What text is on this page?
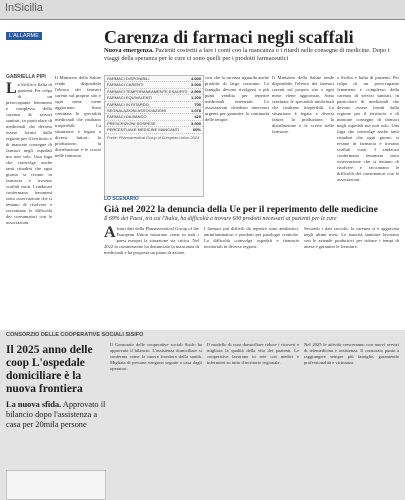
InSicilia
L'ALLARME	Carenza di farmaci negli scaffali
Nuova emergenza. Pazienti costretti a fare i conti con la mancanza o i ritardi nelle consegne di medicine. Dopo i viaggi della speranza per le cure ci sono quelli per i prodotti farmaceutici
GABRIELLA PIPI
La Sicilia e Italia di pazienti. Per colpa di un preoccupante fenomeno e complesso della carenza di servizi sanitari, in particolare di medicinali che devono essere forniti dalla regione per il territorio e di mancate consegne di farmaci negli ospedali ma non solo. Una fuga che coinvolge anche tanti cittadini che ogni giorno si recano in farmacia e trovano scaffali vuoti. I sindacati confermano fenomeni sotto osservazione che si tentano di risolvere e raccontano le difficoltà dei consumatori con le associazioni.
Il Ministero della Salute rende disponibile l'elenco dei farmaci carenti sul proprio sito e ogni mese viene aggiornato. Sono centinaia le specialità medicinali che risultano irreperibili. La situazione è legata a diversi fattori: la produzione, la distribuzione e le scorte nelle farmacie.
FARMACI DISPONIBILI	4.000
FARMACI CARENTI	3.000
FARMACI TEMPORANEAMENTE ESAURITI 2.500
FARMACI EQUIVALENTI	1.200
FARMACI IN RITARDO	700
SEGNALAZIONI ASSOCIAZIONI	1.078
FARMACI DA BANCO	420
PRESCRIZIONI SOSPESE	3.000
PERCENTUALE MEDICINE MANCANTI	60%
Fonte: Pharmaceutical Group of European Union 2024
così che la carenza riguarda anche prodotti di largo consumo. Le famiglie devono rivolgersi a più punti vendita per reperire medicinali essenziali. Le associazioni chiedono interventi urgenti per garantire la continuità delle terapie.
Il Ministero della Salute rende disponibile l'elenco dei farmaci carenti sul proprio sito e ogni mese viene aggiornato. Sono centinaia le specialità medicinali che risultano irreperibili. La situazione è legata a diversi fattori: la produzione, la distribuzione e le scorte nelle farmacie.
a Sicilia e Italia di pazienti. Per colpa di un preoccupante fenomeno e complesso della carenza di servizi sanitari, in particolare di medicinali che devono essere forniti dalla regione per il territorio e di mancate consegne di farmaci negli ospedali ma non solo. Una fuga che coinvolge anche tanti cittadini che ogni giorno si recano in farmacia e trovano scaffali vuoti. I sindacati confermano fenomeni sotto osservazione che si tentano di risolvere e raccontano le difficoltà dei consumatori con le associazioni.
LO SCENARIO
Già nel 2022 la denuncia della Ue per il reperimento delle medicine
Il 69% dei Paesi, tra cui l'Italia, ha difficoltà a trovare 600 prodotti necessari ai pazienti per le cure
Alcuni dati della Pharmaceutical Group of the European Union mostrano come in tutti i paesi europei la situazione sia critica. Nel 2022 la commissione ha denunciato la mancanza di medicinali e ha proposto un piano di azione.
I farmaci più difficili da reperire sono antibiotici, antinfiammatori e prodotti per patologie croniche. La difficoltà coinvolge ospedali e farmacie territoriali in diverse regioni.
Secondo i dati raccolti, la carenza si è aggravata negli ultimi mesi. Le autorità sanitarie lavorano con le aziende produttrici per ridurre i tempi di attesa e garantire le forniture.
CONSORZIO DELLE COOPERATIVE SOCIALI SISIFO
Il 2025 anno delle coop L'ospedale domiciliare è la nuova frontiera
La nuova sfida. Approvato il bilancio dopo l'assistenza a casa per 20mila persone
Il Consorzio delle cooperative sociali Sisifo ha approvato il bilancio. L'assistenza domiciliare si conferma come la nuova frontiera della sanità. Migliaia di persone vengono seguite a casa dagli operatori.
Il modello di cura domiciliare riduce i ricoveri e migliora la qualità della vita dei pazienti. Le cooperative lavorano in rete con medici e infermieri su tutto il territorio regionale.
Nel 2025 le attività cresceranno con nuovi servizi di telemedicina e assistenza. Il consorzio punta a raggiungere sempre più famiglie, garantendo professionalità e vicinanza.
